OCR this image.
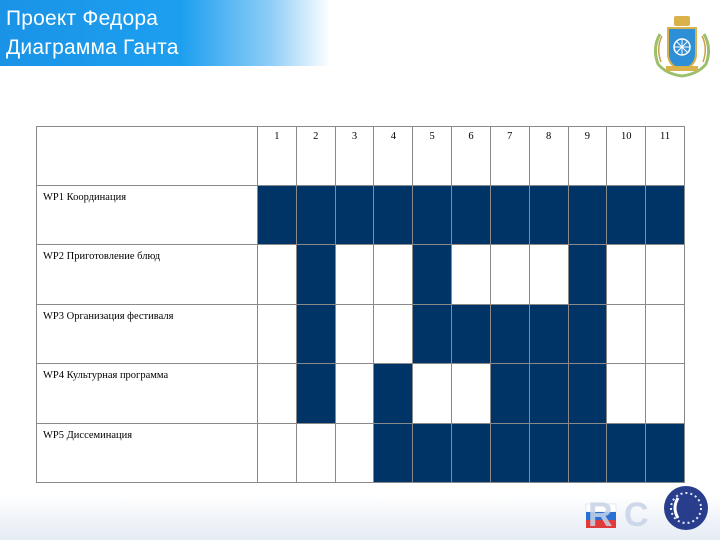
Проект Федора
Диаграмма Ганта
	1	2	3	4	5	6	7	8	9	10	11
WP1 Координация											
WP2 Приготовление блюд											
WP3 Организация фестиваля											
WP4 Культурная программа											
WP5 Диссеминация											
R C
